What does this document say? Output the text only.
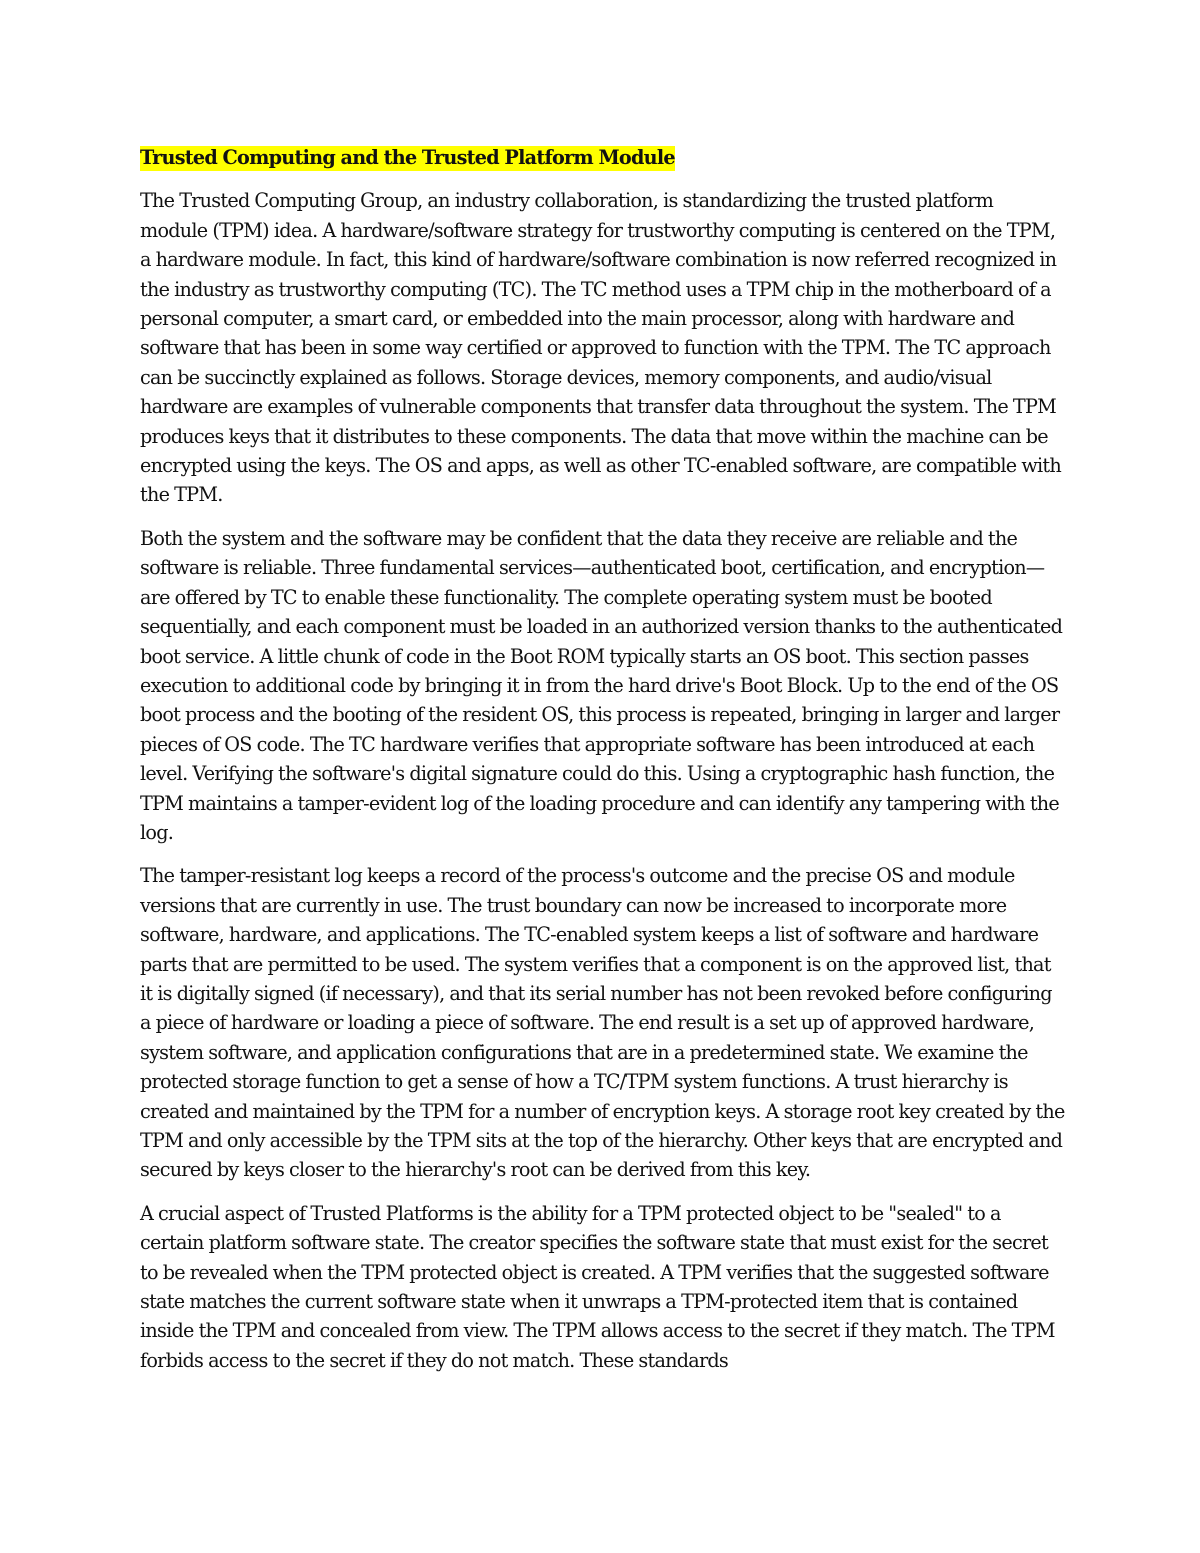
Trusted Computing and the Trusted Platform Module

The Trusted Computing Group, an industry collaboration, is standardizing the trusted platform module (TPM) idea. A hardware/software strategy for trustworthy computing is centered on the TPM, a hardware module. In fact, this kind of hardware/software combination is now referred recognized in the industry as trustworthy computing (TC). The TC method uses a TPM chip in the motherboard of a personal computer, a smart card, or embedded into the main processor, along with hardware and software that has been in some way certified or approved to function with the TPM. The TC approach can be succinctly explained as follows. Storage devices, memory components, and audio/visual hardware are examples of vulnerable components that transfer data throughout the system. The TPM produces keys that it distributes to these components. The data that move within the machine can be encrypted using the keys. The OS and apps, as well as other TC-enabled software, are compatible with the TPM.

Both the system and the software may be confident that the data they receive are reliable and the software is reliable. Three fundamental services—authenticated boot, certification, and encryption—are offered by TC to enable these functionality. The complete operating system must be booted sequentially, and each component must be loaded in an authorized version thanks to the authenticated boot service. A little chunk of code in the Boot ROM typically starts an OS boot. This section passes execution to additional code by bringing it in from the hard drive's Boot Block. Up to the end of the OS boot process and the booting of the resident OS, this process is repeated, bringing in larger and larger pieces of OS code. The TC hardware verifies that appropriate software has been introduced at each level. Verifying the software's digital signature could do this. Using a cryptographic hash function, the TPM maintains a tamper-evident log of the loading procedure and can identify any tampering with the log.

The tamper-resistant log keeps a record of the process's outcome and the precise OS and module versions that are currently in use. The trust boundary can now be increased to incorporate more software, hardware, and applications. The TC-enabled system keeps a list of software and hardware parts that are permitted to be used. The system verifies that a component is on the approved list, that it is digitally signed (if necessary), and that its serial number has not been revoked before configuring a piece of hardware or loading a piece of software. The end result is a set up of approved hardware, system software, and application configurations that are in a predetermined state. We examine the protected storage function to get a sense of how a TC/TPM system functions. A trust hierarchy is created and maintained by the TPM for a number of encryption keys. A storage root key created by the TPM and only accessible by the TPM sits at the top of the hierarchy. Other keys that are encrypted and secured by keys closer to the hierarchy's root can be derived from this key.

A crucial aspect of Trusted Platforms is the ability for a TPM protected object to be "sealed" to a certain platform software state. The creator specifies the software state that must exist for the secret to be revealed when the TPM protected object is created. A TPM verifies that the suggested software state matches the current software state when it unwraps a TPM-protected item that is contained inside the TPM and concealed from view. The TPM allows access to the secret if they match. The TPM forbids access to the secret if they do not match. These standards
